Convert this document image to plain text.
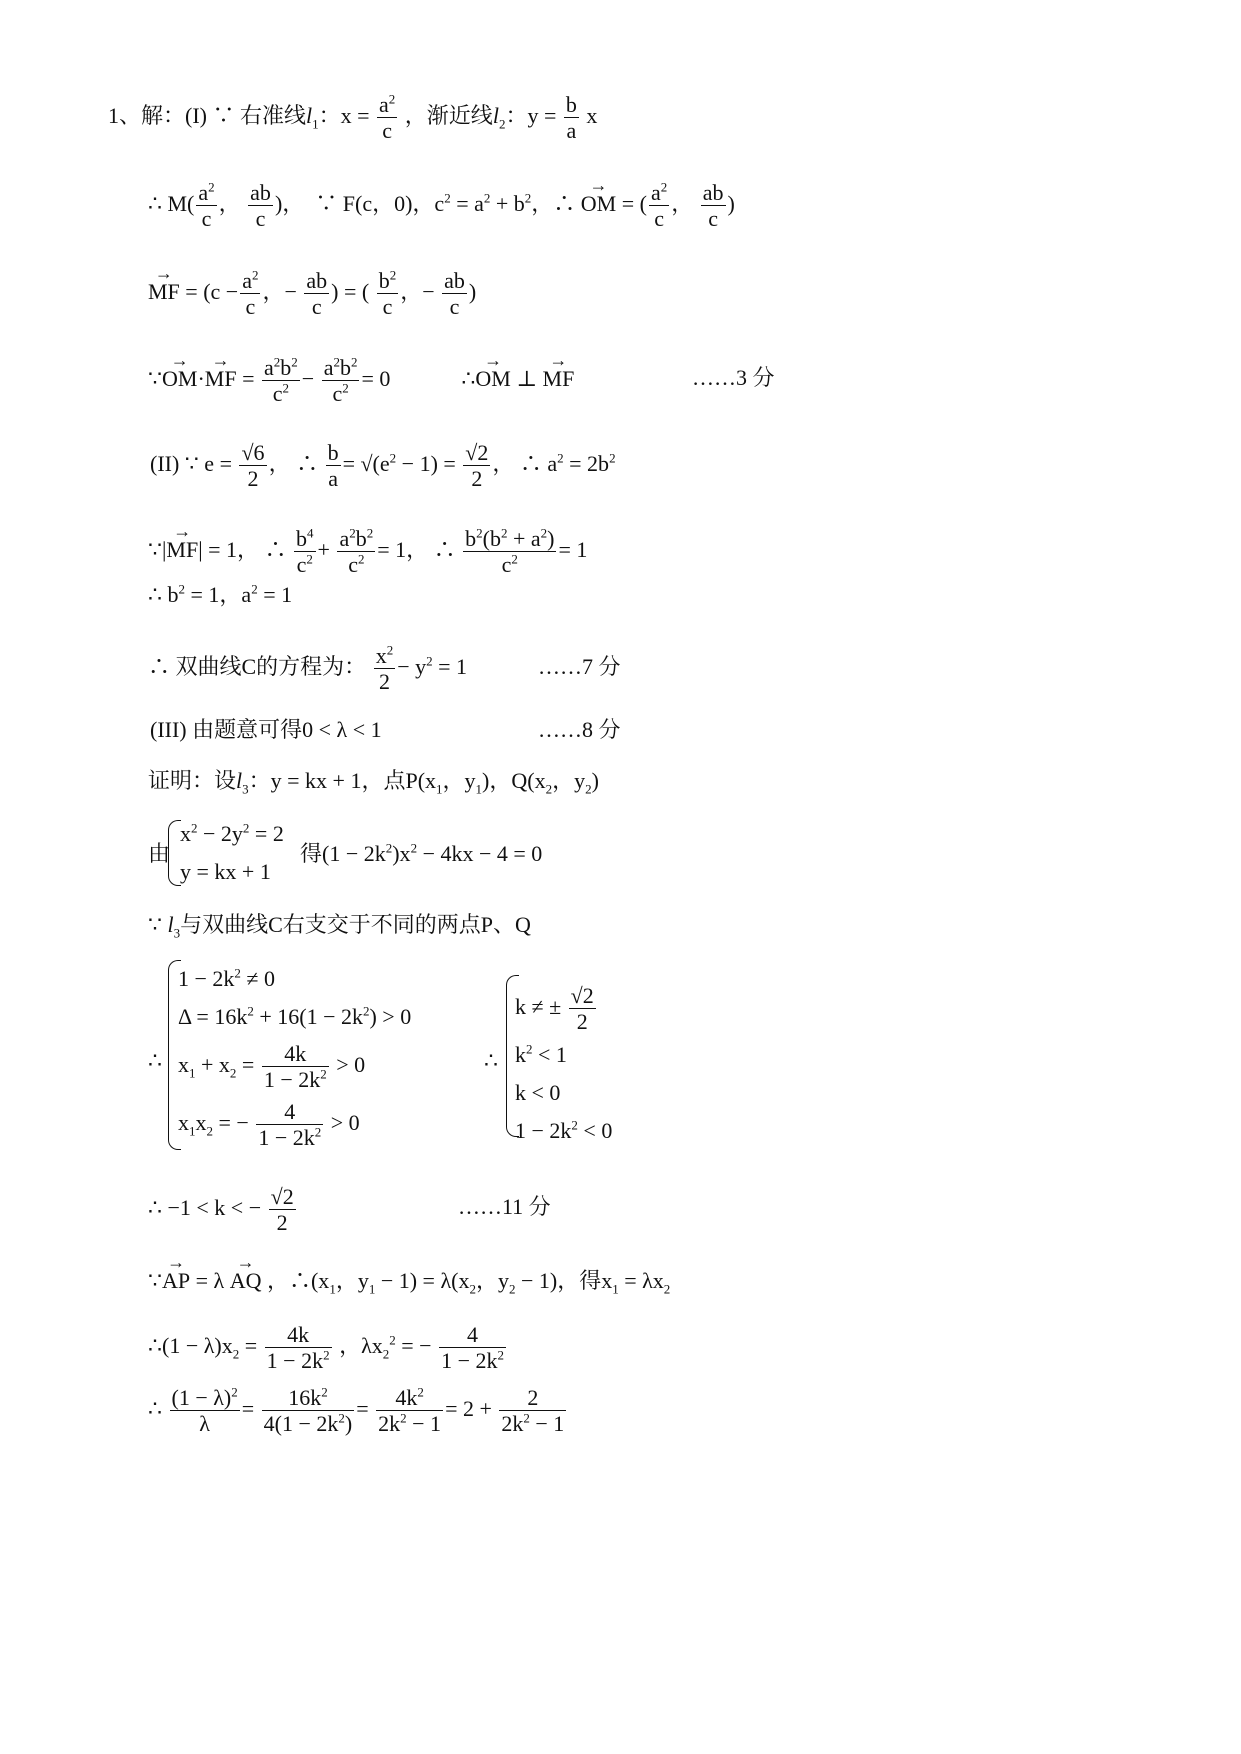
1、解：(I) ∵ 右准线$l_1$：$x = \frac{a^2}{c}$ ，渐近线$l_2$：$y = \frac{b}{a}$ x
∴ $M( \frac{a^2}{c}$ ， $\frac{ab}{c}$ )，  ∵ F(c，0)，$c^2 = a^2 + b^2$，∴ → OM = ( $\frac{a^2}{c}$ ， $\frac{ab}{c}$ )
→ MF = ($c - \frac{a^2}{c}$ ，− $\frac{ab}{c}$ ) = ( $\frac{b^2}{c}$ ，− $\frac{ab}{c}$ )
∵→ OM·→ MF = $\frac{a^2b^2}{c^2} - \frac{a^2b^2}{c^2} = 0$	∴→ OM ⊥ → MF	……3 分
(II) ∵ $e = \frac{√6}{2}$ ， ∴ $\frac{b}{a} = √(e^2 - 1) = \frac{√2}{2}$ ， ∴ $a^2 = 2b^2$
∵|→ MF| = 1， ∴ $\frac{b^4}{c^2} + \frac{a^2b^2}{c^2} = 1$， ∴ $\frac{b^2(b^2 + a^2)}{c^2} = 1$
∴ $b^2 = 1$，$a^2 = 1$
∴ 双曲线C的方程为： $\frac{x^2}{2} - y^2 = 1$	……7 分
(III) 由题意可得0 < λ < 1	……8 分
证明：设$l_3$：y = kx + 1，点$P(x_1$，$y_1$)，$Q(x_2$，$y_2$)
由
$x^2 - 2y^2 = 2$
y = kx + 1
得$(1 - 2k^2)x^2 - 4kx - 4 = 0$
∵ $l_3$与双曲线C右支交于不同的两点P、Q
∴
$1 - 2k^2 \ne 0$
$\Delta = 16k^2 + 16(1 - 2k^2) > 0$
$x_1 + x_2 = \frac{4k}{1 - 2k^2} > 0$
$x_1x_2$ = − $\frac{4}{1 - 2k^2} > 0$
∴
k ≠ ± $\frac{√2}{2}$
$k^2 < 1$
k < 0
$1 - 2k^2 < 0$
∴ −1 < k < − $\frac{√2}{2}$	……11 分
∵→ AP = λ → AQ ，$\therefore(x_1$，$y_1 - 1) = \lambda(x_2$，$y_2 - 1$)，得$x_1 = \lambda x_2$
∴(1 − $\lambda)x_2 = \frac{4k}{1 - 2k^2}$ ，$\lambda x_2^2$ = − $\frac{4}{1 - 2k^2}$
∴ $\frac{(1 - \lambda)^2}{\lambda} = \frac{16k^2}{4(1 - 2k^2)} = \frac{4k^2}{2k^2 - 1} = 2 + \frac{2}{2k^2 - 1}$
